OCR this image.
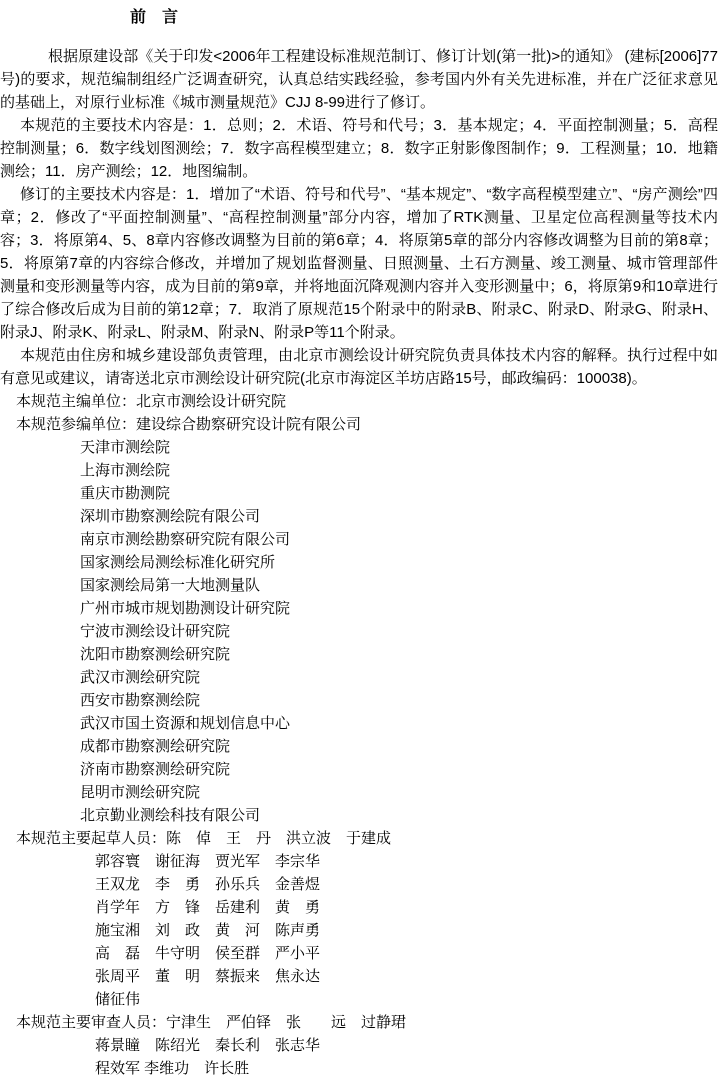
前　言

根据原建设部《关于印发<2006年工程建设标准规范制订、修订计划(第一批)>的通知》 (建标[2006]77号)的要求，规范编制组经广泛调查研究，认真总结实践经验，参考国内外有关先进标准，并在广泛征求意见的基础上，对原行业标准《城市测量规范》CJJ 8-99进行了修订。

本规范的主要技术内容是：1．总则；2．术语、符号和代号；3．基本规定；4．平面控制测量；5．高程控制测量；6．数字线划图测绘；7．数字高程模型建立；8．数字正射影像图制作；9．工程测量；10．地籍测绘；11．房产测绘；12．地图编制。

修订的主要技术内容是：1．增加了“术语、符号和代号”、“基本规定”、“数字高程模型建立”、“房产测绘”四章；2．修改了“平面控制测量”、“高程控制测量”部分内容，增加了RTK测量、卫星定位高程测量等技术内容；3．将原第4、5、8章内容修改调整为目前的第6章；4．将原第5章的部分内容修改调整为目前的第8章；5．将原第7章的内容综合修改，并增加了规划监督测量、日照测量、土石方测量、竣工测量、城市管理部件测量和变形测量等内容，成为目前的第9章，并将地面沉降观测内容并入变形测量中；6，将原第9和10章进行了综合修改后成为目前的第12章；7．取消了原规范15个附录中的附录B、附录C、附录D、附录G、附录H、附录J、附录K、附录L、附录M、附录N、附录P等11个附录。

本规范由住房和城乡建设部负责管理，由北京市测绘设计研究院负责具体技术内容的解释。执行过程中如有意见或建议，请寄送北京市测绘设计研究院(北京市海淀区羊坊店路15号，邮政编码：100038)。

本规范主编单位：北京市测绘设计研究院
本规范参编单位：建设综合勘察研究设计院有限公司
天津市测绘院
上海市测绘院
重庆市勘测院
深圳市勘察测绘院有限公司
南京市测绘勘察研究院有限公司
国家测绘局测绘标准化研究所
国家测绘局第一大地测量队
广州市城市规划勘测设计研究院
宁波市测绘设计研究院
沈阳市勘察测绘研究院
武汉市测绘研究院
西安市勘察测绘院
武汉市国土资源和规划信息中心
成都市勘察测绘研究院
济南市勘察测绘研究院
昆明市测绘研究院
北京勤业测绘科技有限公司
本规范主要起草人员：陈　倬　王　丹　洪立波　于建成
郭容寰　谢征海　贾光军　李宗华
王双龙　李　勇　孙乐兵　金善煜
肖学年　方　锋　岳建利　黄　勇
施宝湘　刘　政　黄　河　陈声勇
高　磊　牛守明　侯至群　严小平
张周平　董　明　蔡振来　焦永达
储征伟
本规范主要审查人员：宁津生　严伯铎　张　　远　过静珺
蒋景瞳　陈绍光　秦长利　张志华
程效军 李维功　许长胜
